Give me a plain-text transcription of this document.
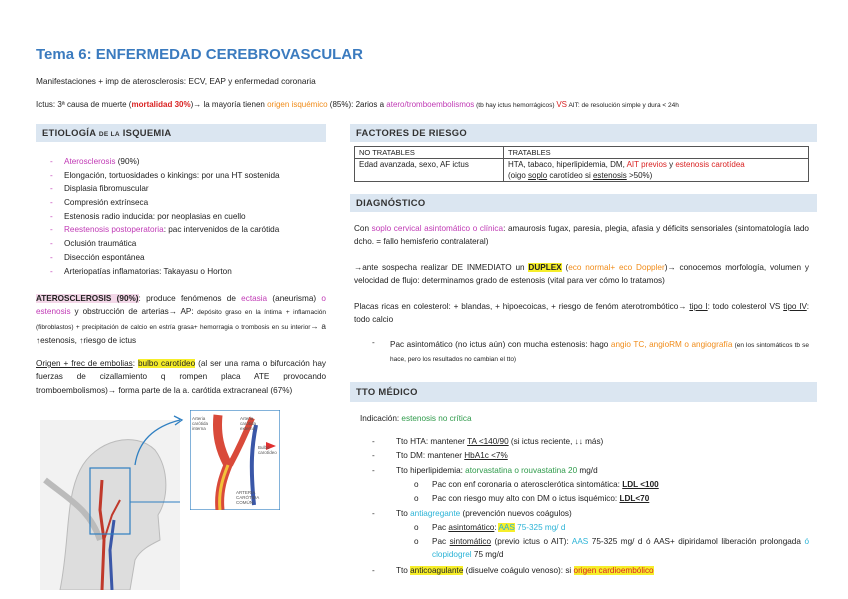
Tema 6: ENFERMEDAD CEREBROVASCULAR
Manifestaciones + imp de aterosclerosis: ECV, EAP y enfermedad coronaria
Ictus: 3ª causa de muerte (mortalidad 30%)→ la mayoría tienen origen isquémico (85%): 2arios a atero/tromboembolismos (tb hay ictus hemorrágicos) VS AIT: de resolución simple y dura < 24h
ETIOLOGÍA DE LA ISQUEMIA
- Aterosclerosis (90%)
- Elongación, tortuosidades o kinkings: por una HT sostenida
- Displasia fibromuscular
- Compresión extrínseca
- Estenosis radio inducida: por neoplasias en cuello
- Reestenosis postoperatoria: pac intervenidos de la carótida
- Oclusión traumática
- Disección espontánea
- Arteriopatías inflamatorias: Takayasu o Horton
ATEROSCLEROSIS (90%): produce fenómenos de ectasia (aneurisma) o estenosis y obstrucción de arterias→ AP: depósito graso en la íntima + inflamación (fibroblastos) + precipitación de calcio en estría grasa+ hemorragia o trombosis en su interior→ a ↑estenosis, ↑riesgo de ictus
Origen + frec de embolias: bulbo carotídeo (al ser una rama o bifurcación hay fuerzas de cizallamiento q rompen placa ATE provocando tromboembolismos)→ forma parte de la a. carótida extracraneal (67%)
Arteria carótida interna
Arteria carótida externa
Bulbo carotídeo
ARTERIA CARÓTIDA COMÚN
FACTORES DE RIESGO
NO TRATABLES	TRATABLES
Edad avanzada, sexo, AF ictus	HTA, tabaco, hiperlipidemia, DM, AIT previos y estenosis carotídea
(oigo soplo carotídeo si estenosis >50%)
DIAGNÓSTICO
Con soplo cervical asintomático o clínica: amaurosis fugax, paresia, plegia, afasia y déficits sensoriales (sintomatología lado dcho. = fallo hemisferio contralateral)
→ante sospecha realizar DE INMEDIATO un DUPLEX (eco normal+ eco Doppler)→ conocemos morfología, volumen y velocidad de flujo: determinamos grado de estenosis (vital para ver cómo lo tratamos)
Placas ricas en colesterol: + blandas, + hipoecoicas, + riesgo de fenóm aterotrombótico→ tipo I: todo colesterol VS tipo IV: todo calcio
- Pac asintomático (no ictus aún) con mucha estenosis: hago angio TC, angioRM o angiografía (en los sintomáticos tb se hace, pero los resultados no cambian el tto)
TTO MÉDICO
Indicación: estenosis no crítica
-	Tto HTA: mantener TA <140/90 (si ictus reciente, ↓↓ más)
-	Tto DM: mantener HbA1c <7%
-	Tto hiperlipidemia: atorvastatina o rouvastatina 20 mg/d
o Pac con enf coronaria o aterosclerótica sintomática: LDL <100
o Pac con riesgo muy alto con DM o ictus isquémico: LDL<70
-	Tto antiagregante (prevención nuevos coágulos)
o Pac asintomático: AAS 75-325 mg/ d
o Pac sintomático (previo ictus o AIT): AAS 75-325 mg/ d ó AAS+ dipiridamol liberación prolongada ó clopidogrel 75 mg/d
-	Tto anticoagulante (disuelve coágulo venoso): si origen cardioembólico
